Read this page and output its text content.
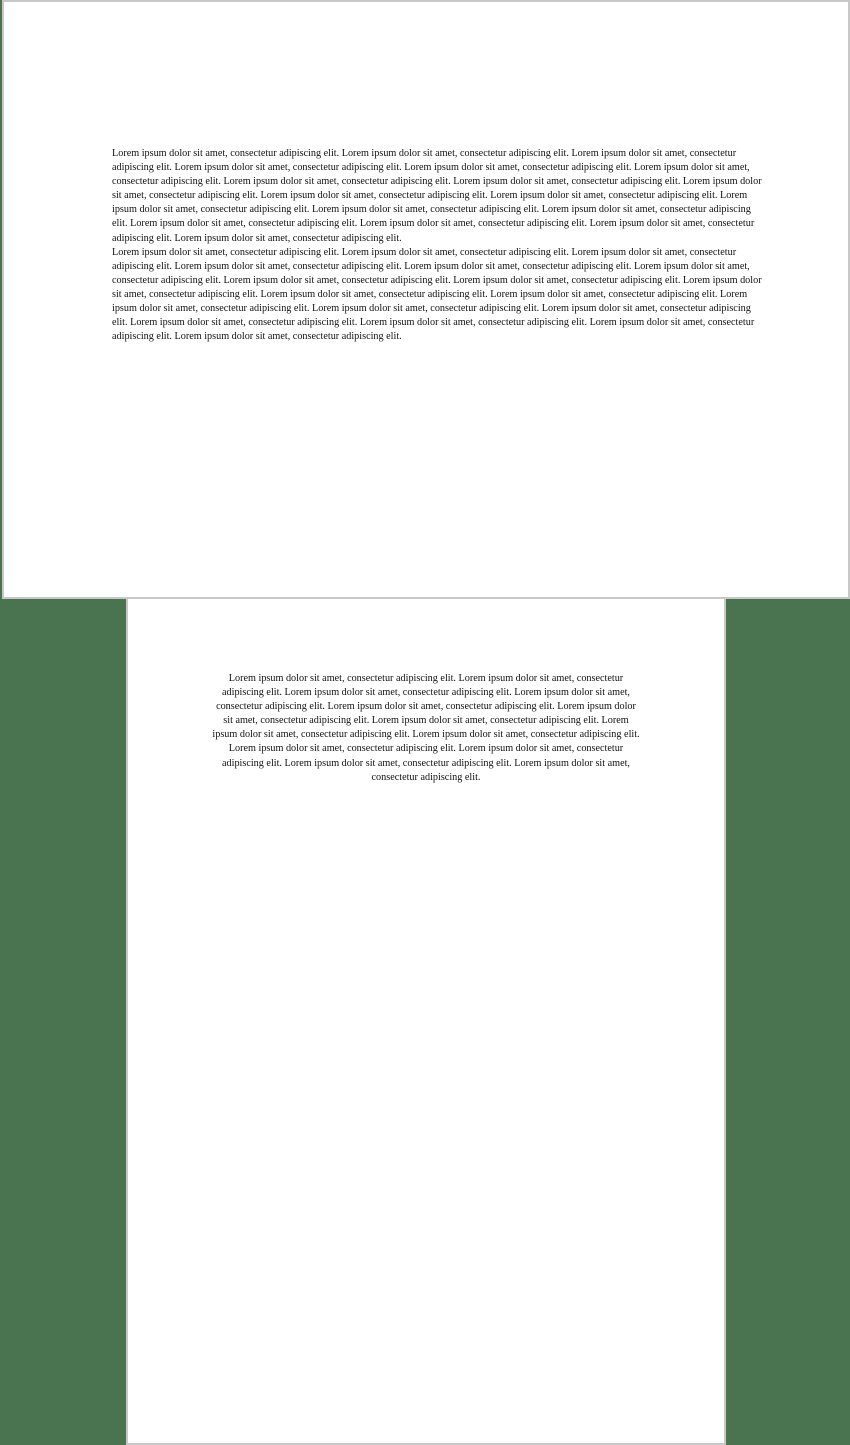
Lorem ipsum dolor sit amet, consectetur adipiscing elit. Lorem ipsum dolor sit amet, consectetur adipiscing elit. Lorem ipsum dolor sit amet, consectetur adipiscing elit. Lorem ipsum dolor sit amet, consectetur adipiscing elit. Lorem ipsum dolor sit amet, consectetur adipiscing elit. Lorem ipsum dolor sit amet, consectetur adipiscing elit. Lorem ipsum dolor sit amet, consectetur adipiscing elit. Lorem ipsum dolor sit amet, consectetur adipiscing elit. Lorem ipsum dolor sit amet, consectetur adipiscing elit. Lorem ipsum dolor sit amet, consectetur adipiscing elit. Lorem ipsum dolor sit amet, consectetur adipiscing elit. Lorem ipsum dolor sit amet, consectetur adipiscing elit. Lorem ipsum dolor sit amet, consectetur adipiscing elit. Lorem ipsum dolor sit amet, consectetur adipiscing elit. Lorem ipsum dolor sit amet, consectetur adipiscing elit. Lorem ipsum dolor sit amet, consectetur adipiscing elit. Lorem ipsum dolor sit amet, consectetur adipiscing elit. Lorem ipsum dolor sit amet, consectetur adipiscing elit.

Lorem ipsum dolor sit amet, consectetur adipiscing elit. Lorem ipsum dolor sit amet, consectetur adipiscing elit. Lorem ipsum dolor sit amet, consectetur adipiscing elit. Lorem ipsum dolor sit amet, consectetur adipiscing elit. Lorem ipsum dolor sit amet, consectetur adipiscing elit. Lorem ipsum dolor sit amet, consectetur adipiscing elit. Lorem ipsum dolor sit amet, consectetur adipiscing elit. Lorem ipsum dolor sit amet, consectetur adipiscing elit. Lorem ipsum dolor sit amet, consectetur adipiscing elit. Lorem ipsum dolor sit amet, consectetur adipiscing elit. Lorem ipsum dolor sit amet, consectetur adipiscing elit. Lorem ipsum dolor sit amet, consectetur adipiscing elit. Lorem ipsum dolor sit amet, consectetur adipiscing elit. Lorem ipsum dolor sit amet, consectetur adipiscing elit. Lorem ipsum dolor sit amet, consectetur adipiscing elit. Lorem ipsum dolor sit amet, consectetur adipiscing elit. Lorem ipsum dolor sit amet, consectetur adipiscing elit. Lorem ipsum dolor sit amet, consectetur adipiscing elit.

Lorem ipsum dolor sit amet, consectetur adipiscing elit. Lorem ipsum dolor sit amet, consectetur adipiscing elit. Lorem ipsum dolor sit amet, consectetur adipiscing elit. Lorem ipsum dolor sit amet, consectetur adipiscing elit. Lorem ipsum dolor sit amet, consectetur adipiscing elit. Lorem ipsum dolor sit amet, consectetur adipiscing elit. Lorem ipsum dolor sit amet, consectetur adipiscing elit. Lorem ipsum dolor sit amet, consectetur adipiscing elit. Lorem ipsum dolor sit amet, consectetur adipiscing elit. Lorem ipsum dolor sit amet, consectetur adipiscing elit. Lorem ipsum dolor sit amet, consectetur adipiscing elit. Lorem ipsum dolor sit amet, consectetur adipiscing elit. Lorem ipsum dolor sit amet, consectetur adipiscing elit.
